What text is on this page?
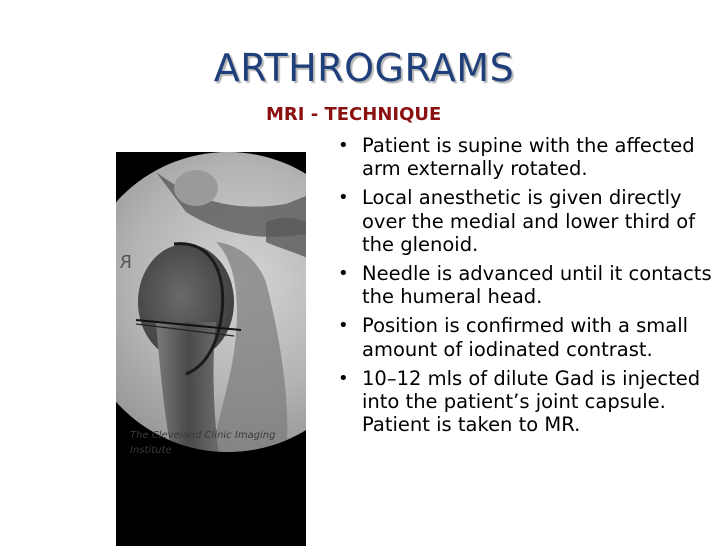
ARTHROGRAMS
MRI - TECHNIQUE
R
The Cleveland Clinic Imaging Institute
• Patient is supine with the affected arm externally rotated.
• Local anesthetic is given directly over the medial and lower third of the glenoid.
• Needle is advanced until it contacts the humeral head.
• Position is confirmed with a small amount of iodinated contrast.
• 10–12 mls of dilute Gad is injected into the patient’s joint capsule. Patient is taken to MR.
